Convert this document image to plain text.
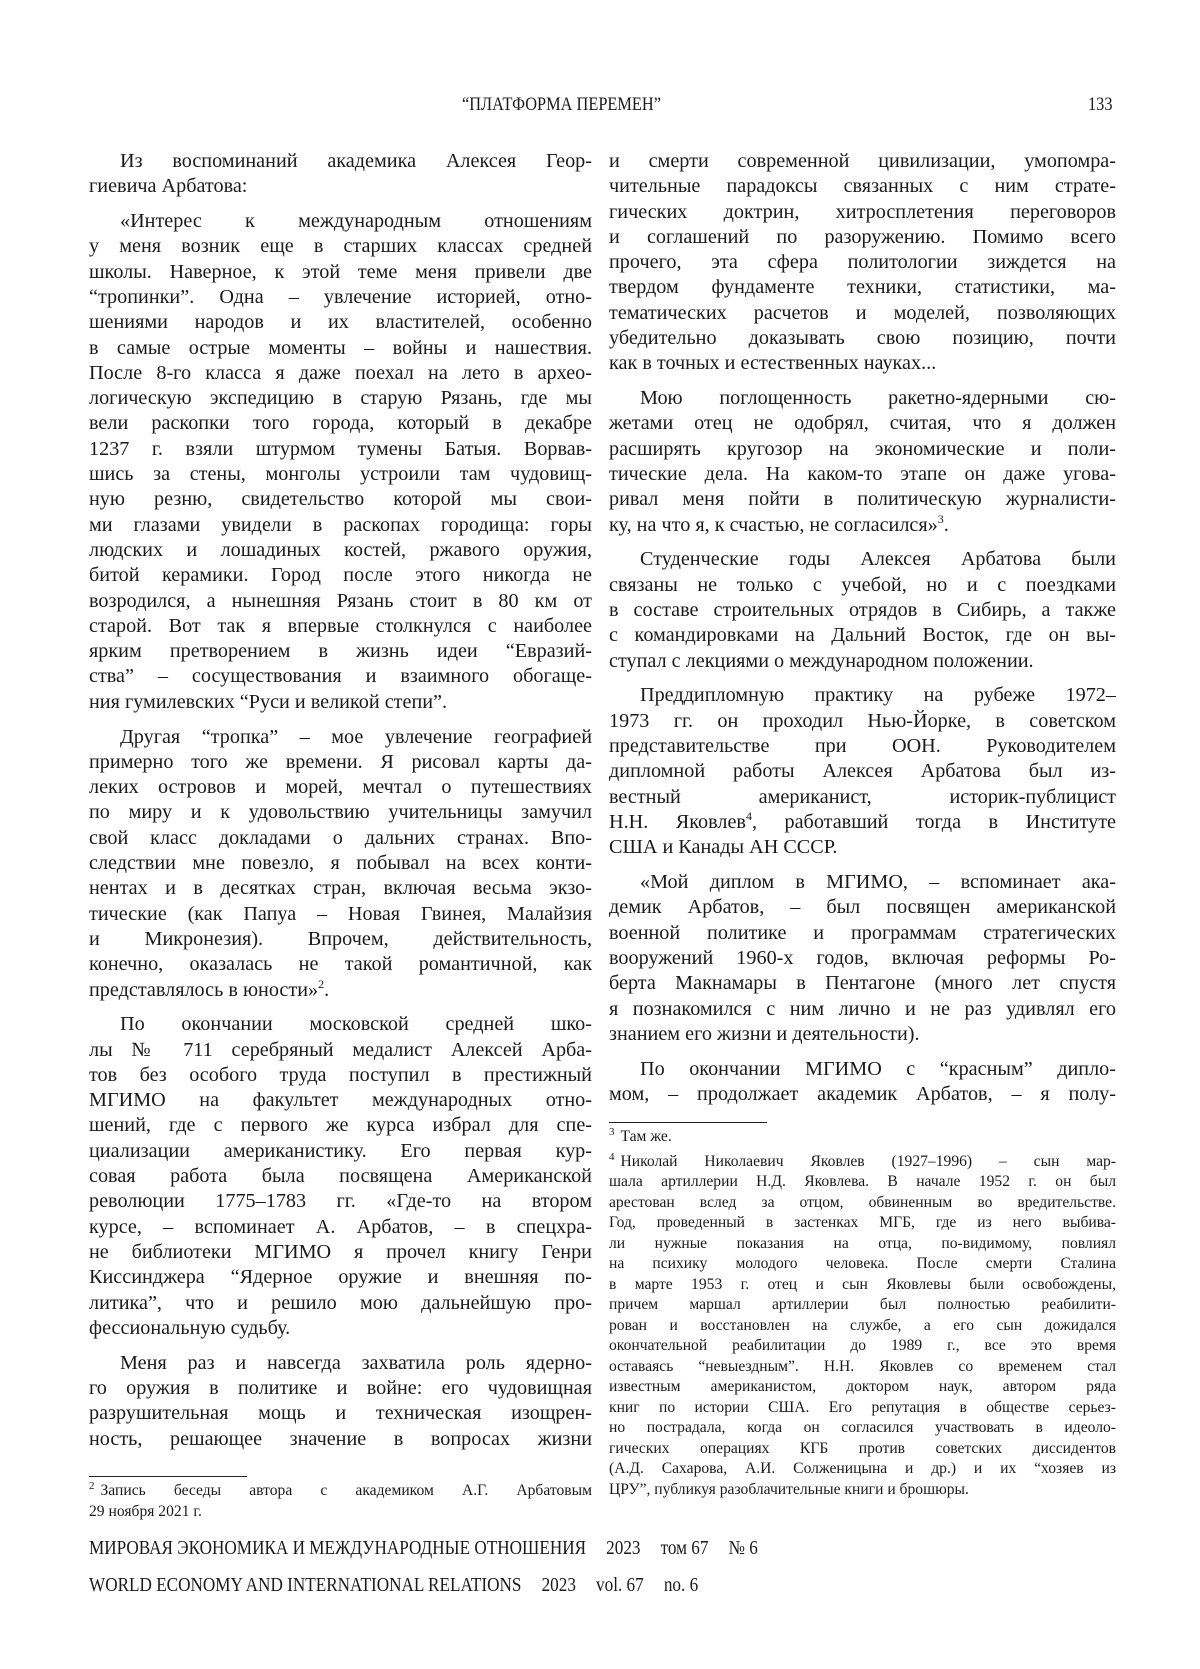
“ПЛАТФОРМА ПЕРЕМЕН”	133
Из воспоминаний академика Алексея Геор-
гиевича Арбатова:
«Интерес к международным отношениям
у меня возник еще в старших классах средней
школы. Наверное, к этой теме меня привели две
“тропинки”. Одна – увлечение историей, отно-
шениями народов и их властителей, особенно
в самые острые моменты – войны и нашествия.
После 8-го класса я даже поехал на лето в архео-
логическую экспедицию в старую Рязань, где мы
вели раскопки того города, который в декабре
1237 г. взяли штурмом тумены Батыя. Ворвав-
шись за стены, монголы устроили там чудовищ-
ную резню, свидетельство которой мы свои-
ми глазами увидели в раскопах городища: горы
людских и лошадиных костей, ржавого оружия,
битой керамики. Город после этого никогда не
возродился, а нынешняя Рязань стоит в 80 км от
старой. Вот так я впервые столкнулся с наиболее
ярким претворением в жизнь идеи “Евразий-
ства” – сосуществования и взаимного обогаще-
ния гумилевских “Руси и великой степи”.
Другая “тропка” – мое увлечение географией
примерно того же времени. Я рисовал карты да-
леких островов и морей, мечтал о путешествиях
по миру и к удовольствию учительницы замучил
свой класс докладами о дальних странах. Впо-
следствии мне повезло, я побывал на всех конти-
нентах и в десятках стран, включая весьма экзо-
тические (как Папуа – Новая Гвинея, Малайзия
и Микронезия). Впрочем, действительность,
конечно, оказалась не такой романтичной, как
представлялось в юности»2.
По окончании московской средней шко-
лы № 711 серебряный медалист Алексей Арба-
тов без особого труда поступил в престижный
МГИМО на факультет международных отно-
шений, где с первого же курса избрал для спе-
циализации американистику. Его первая кур-
совая работа была посвящена Американской
революции 1775–1783 гг. «Где-то на втором
курсе, – вспоминает А. Арбатов, – в спецхра-
не библиотеки МГИМО я прочел книгу Генри
Киссинджера “Ядерное оружие и внешняя по-
литика”, что и решило мою дальнейшую про-
фессиональную судьбу.
Меня раз и навсегда захватила роль ядерно-
го оружия в политике и войне: его чудовищная
разрушительная мощь и техническая изощрен-
ность, решающее значение в вопросах жизни
и смерти современной цивилизации, умопомра-
чительные парадоксы связанных с ним страте-
гических доктрин, хитросплетения переговоров
и соглашений по разоружению. Помимо всего
прочего, эта сфера политологии зиждется на
твердом фундаменте техники, статистики, ма-
тематических расчетов и моделей, позволяющих
убедительно доказывать свою позицию, почти
как в точных и естественных науках...
Мою поглощенность ракетно-ядерными сю-
жетами отец не одобрял, считая, что я должен
расширять кругозор на экономические и поли-
тические дела. На каком-то этапе он даже угова-
ривал меня пойти в политическую журналисти-
ку, на что я, к счастью, не согласился»3.
Студенческие годы Алексея Арбатова были
связаны не только с учебой, но и с поездками
в составе строительных отрядов в Сибирь, а также
с командировками на Дальний Восток, где он вы-
ступал с лекциями о международном положении.
Преддипломную практику на рубеже 1972–
1973 гг. он проходил Нью-Йорке, в советском
представительстве при ООН. Руководителем
дипломной работы Алексея Арбатова был из-
вестный американист, историк-публицист
Н.Н. Яковлев4, работавший тогда в Институте
США и Канады АН СССР.
«Мой диплом в МГИМО, – вспоминает ака-
демик Арбатов, – был посвящен американской
военной политике и программам стратегических
вооружений 1960-х годов, включая реформы Ро-
берта Макнамары в Пентагоне (много лет спустя
я познакомился с ним лично и не раз удивлял его
знанием его жизни и деятельности).
По окончании МГИМО с “красным” дипло-
мом, – продолжает академик Арбатов, – я полу-
2 Запись беседы автора с академиком А.Г. Арбатовым
29 ноября 2021 г.
3 Там же.
4 Николай Николаевич Яковлев (1927–1996) – сын мар-
шала артиллерии Н.Д. Яковлева. В начале 1952 г. он был
арестован вслед за отцом, обвиненным во вредительстве.
Год, проведенный в застенках МГБ, где из него выбива-
ли нужные показания на отца, по-видимому, повлиял
на психику молодого человека. После смерти Сталина
в марте 1953 г. отец и сын Яковлевы были освобождены,
причем маршал артиллерии был полностью реабилити-
рован и восстановлен на службе, а его сын дожидался
окончательной реабилитации до 1989 г., все это время
оставаясь “невыездным”. Н.Н. Яковлев со временем стал
известным американистом, доктором наук, автором ряда
книг по истории США. Его репутация в обществе серьез-
но пострадала, когда он согласился участвовать в идеоло-
гических операциях КГБ против советских диссидентов
(А.Д. Сахарова, А.И. Солженицына и др.) и их “хозяев из
ЦРУ”, публикуя разоблачительные книги и брошюры.
МИРОВАЯ ЭКОНОМИКА И МЕЖДУНАРОДНЫЕ ОТНОШЕНИЯ 2023 том 67 № 6
WORLD ECONOMY AND INTERNATIONAL RELATIONS 2023 vol. 67 no. 6
